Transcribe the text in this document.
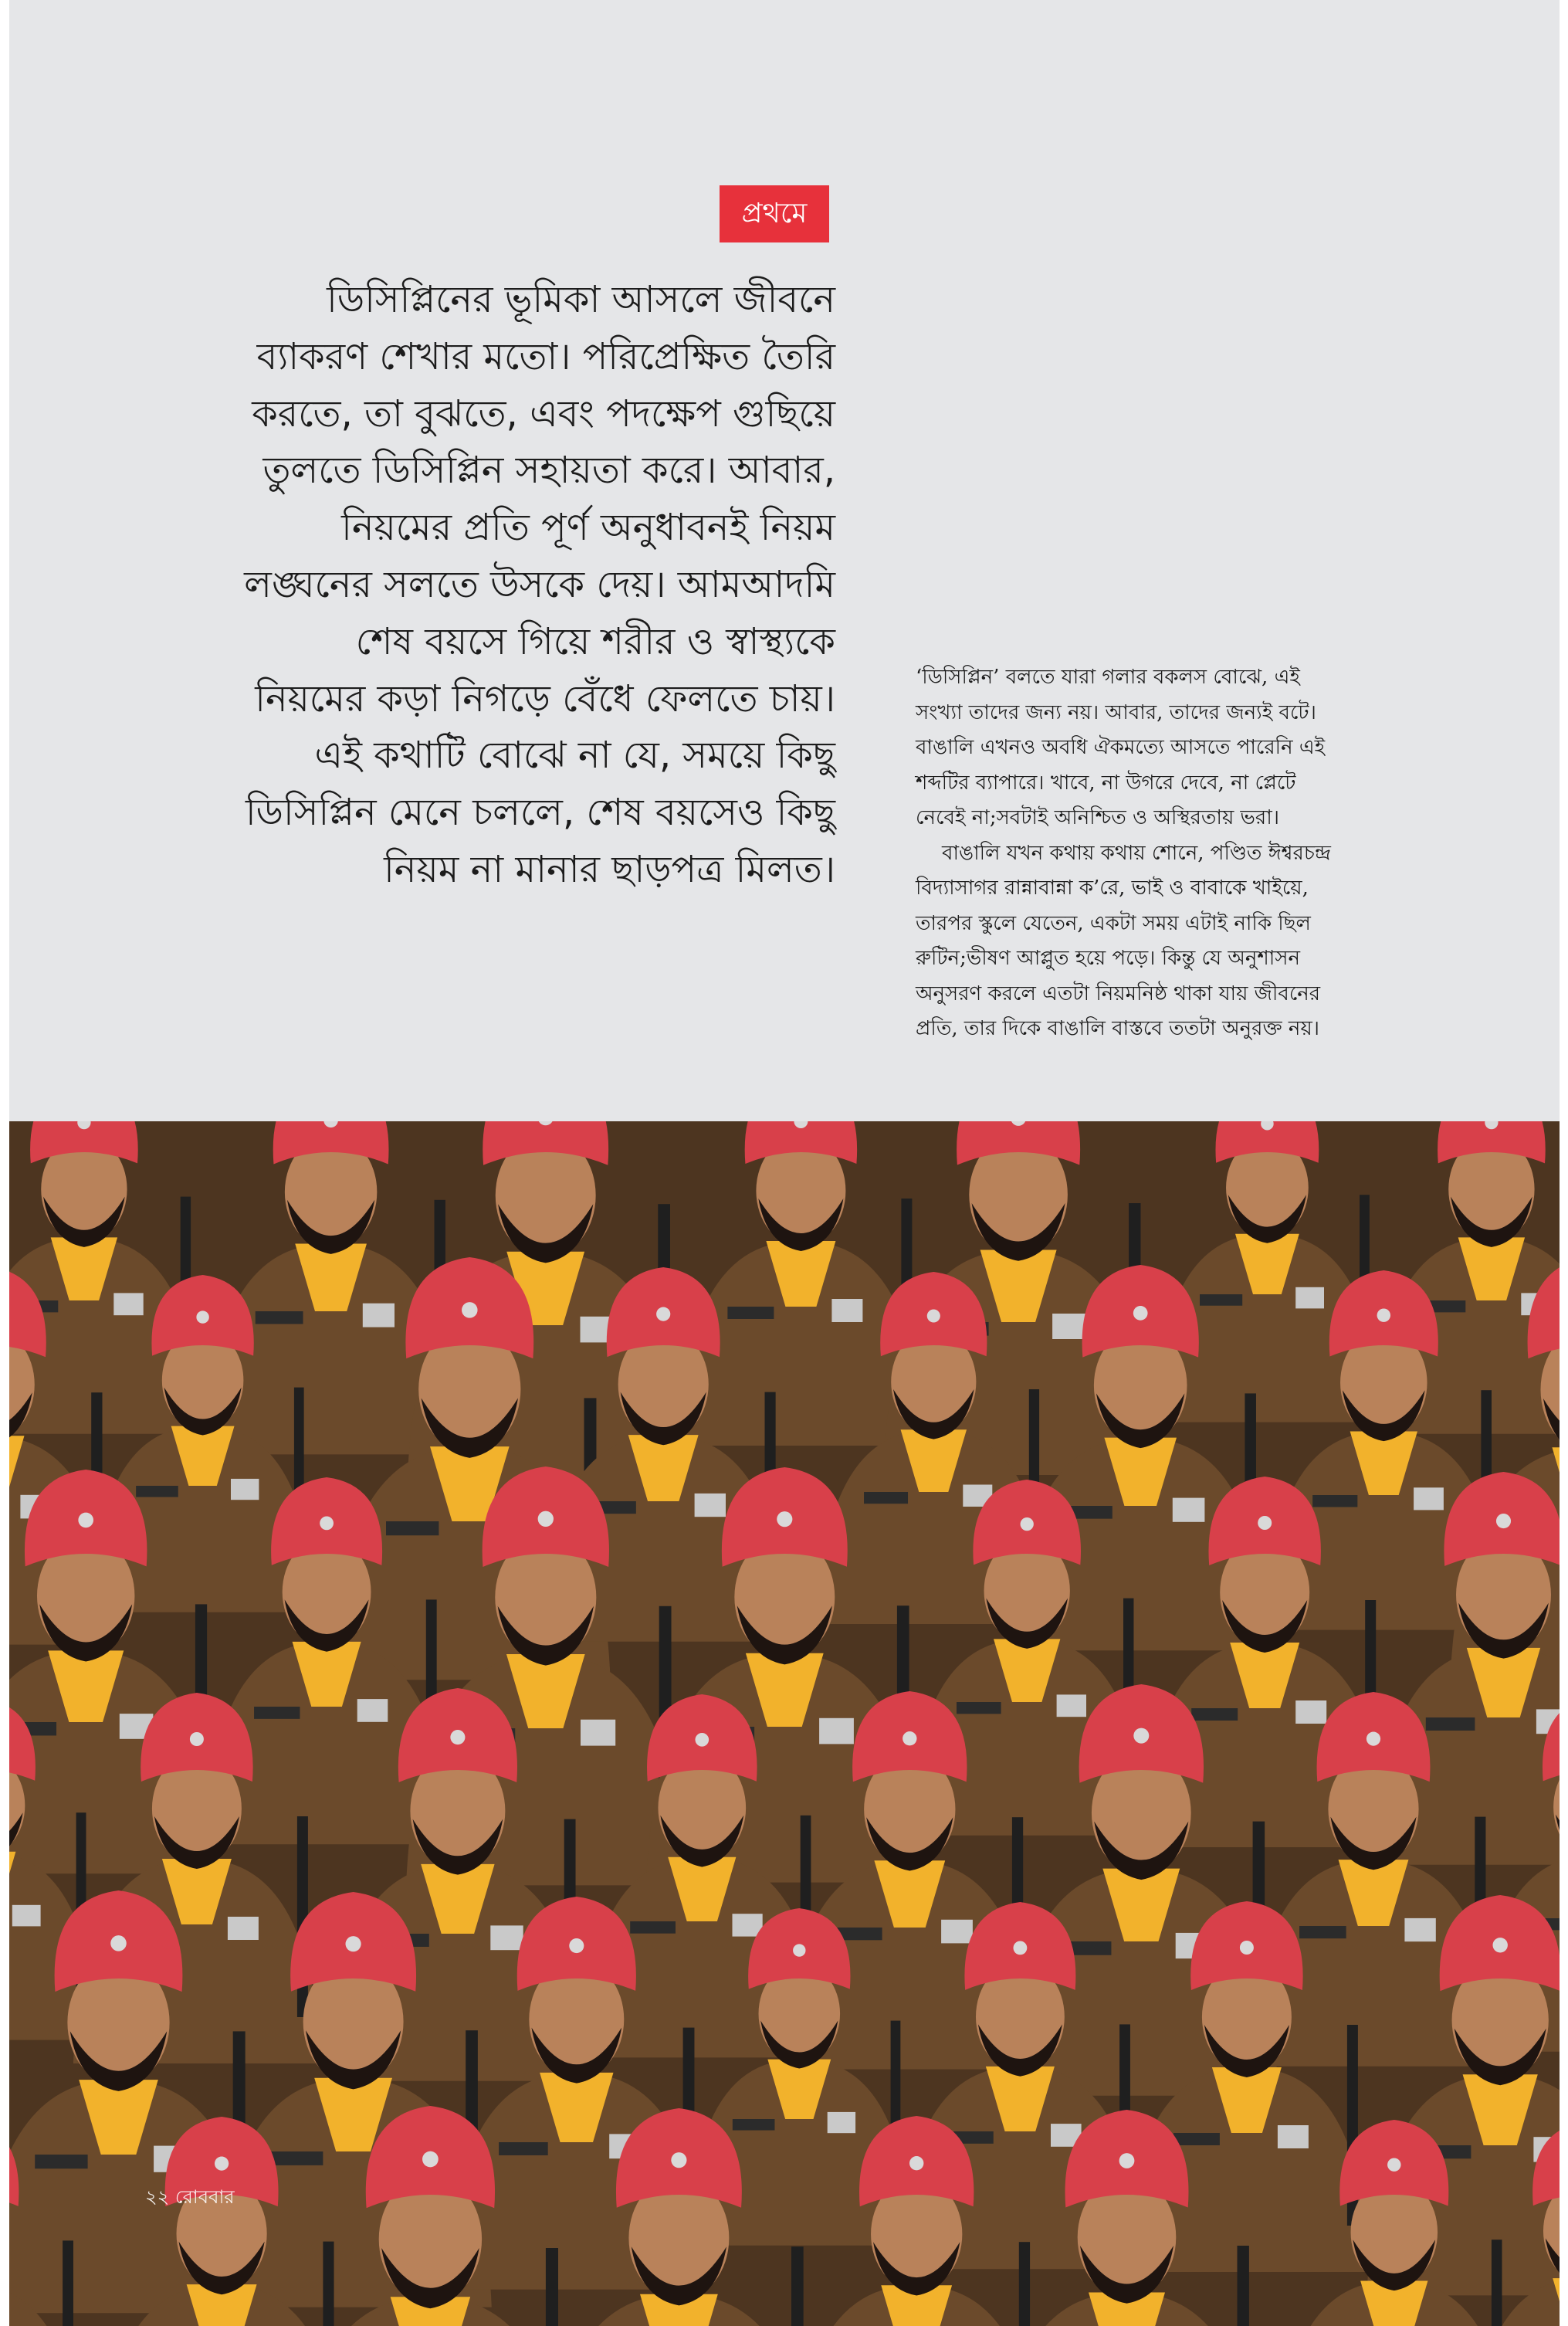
প্রথমে

ডিসিপ্লিনের ভূমিকা আসলে জীবনে
ব্যাকরণ শেখার মতো। পরিপ্রেক্ষিত তৈরি
করতে, তা বুঝতে, এবং পদক্ষেপ গুছিয়ে
তুলতে ডিসিপ্লিন সহায়তা করে। আবার,
নিয়মের প্রতি পূর্ণ অনুধাবনই নিয়ম
লঙ্ঘনের সলতে উসকে দেয়। আমআদমি
শেষ বয়সে গিয়ে শরীর ও স্বাস্থ্যকে
নিয়মের কড়া নিগড়ে বেঁধে ফেলতে চায়।
এই কথাটি বোঝে না যে, সময়ে কিছু
ডিসিপ্লিন মেনে চললে, শেষ বয়সেও কিছু
নিয়ম না মানার ছাড়পত্র মিলত।

‘ডিসিপ্লিন’ বলতে যারা গলার বকলস বোঝে, এই
সংখ্যা তাদের জন্য নয়। আবার, তাদের জন্যই বটে।
বাঙালি এখনও অবধি ঐকমত্যে আসতে পারেনি এই
শব্দটির ব্যাপারে। খাবে, না উগরে দেবে, না প্লেটে
নেবেই না;সবটাই অনিশ্চিত ও অস্থিরতায় ভরা।
বাঙালি যখন কথায় কথায় শোনে, পণ্ডিত ঈশ্বরচন্দ্র
বিদ্যাসাগর রান্নাবান্না ক’রে, ভাই ও বাবাকে খাইয়ে,
তারপর স্কুলে যেতেন, একটা সময় এটাই নাকি ছিল
রুটিন;ভীষণ আপ্লুত হয়ে পড়ে। কিন্তু যে অনুশাসন
অনুসরণ করলে এতটা নিয়মনিষ্ঠ থাকা যায় জীবনের
প্রতি, তার দিকে বাঙালি বাস্তবে ততটা অনুরক্ত নয়।

২২ রোববার
